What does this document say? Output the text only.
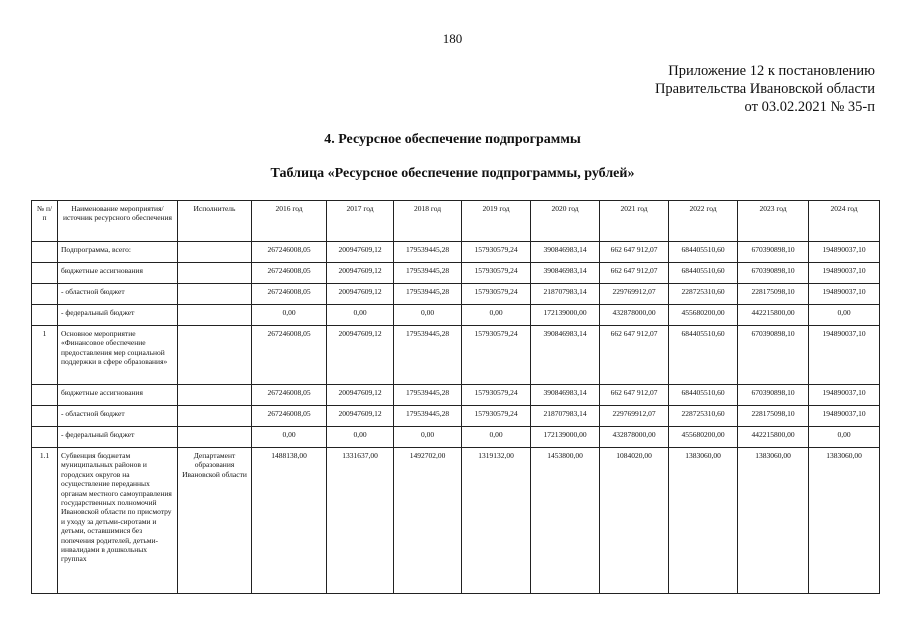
180
Приложение 12 к постановлению
Правительства Ивановской области
от 03.02.2021 № 35-п
4. Ресурсное обеспечение подпрограммы
Таблица «Ресурсное обеспечение подпрограммы, рублей»
№ п/п	Наименование мероприятия/источник ресурсного обеспечения	Исполнитель	2016 год	2017 год	2018 год	2019 год	2020 год	2021 год	2022 год	2023 год	2024 год
	Подпрограмма, всего:		267246008,05	200947609,12	179539445,28	157930579,24	390846983,14	662 647 912,07	684405510,60	670390898,10	194890037,10
	бюджетные ассигнования		267246008,05	200947609,12	179539445,28	157930579,24	390846983,14	662 647 912,07	684405510,60	670390898,10	194890037,10
	- областной бюджет		267246008,05	200947609,12	179539445,28	157930579,24	218707983,14	229769912,07	228725310,60	228175098,10	194890037,10
	- федеральный бюджет		0,00	0,00	0,00	0,00	172139000,00	432878000,00	455680200,00	442215800,00	0,00
1	Основное мероприятие «Финансовое обеспечение предоставления мер социальной поддержки в сфере образования»		267246008,05	200947609,12	179539445,28	157930579,24	390846983,14	662 647 912,07	684405510,60	670390898,10	194890037,10
	бюджетные ассигнования		267246008,05	200947609,12	179539445,28	157930579,24	390846983,14	662 647 912,07	684405510,60	670390898,10	194890037,10
	- областной бюджет		267246008,05	200947609,12	179539445,28	157930579,24	218707983,14	229769912,07	228725310,60	228175098,10	194890037,10
	- федеральный бюджет		0,00	0,00	0,00	0,00	172139000,00	432878000,00	455680200,00	442215800,00	0,00
1.1	Субвенция бюджетам муниципальных районов и городских округов на осуществление переданных органам местного самоуправления государственных полномочий Ивановской области по присмотру и уходу за детьми-сиротами и детьми, оставшимися без попечения родителей, детьми-инвалидами в дошкольных группах	Департамент образования Ивановской области	1488138,00	1331637,00	1492702,00	1319132,00	1453800,00	1084020,00	1383060,00	1383060,00	1383060,00
